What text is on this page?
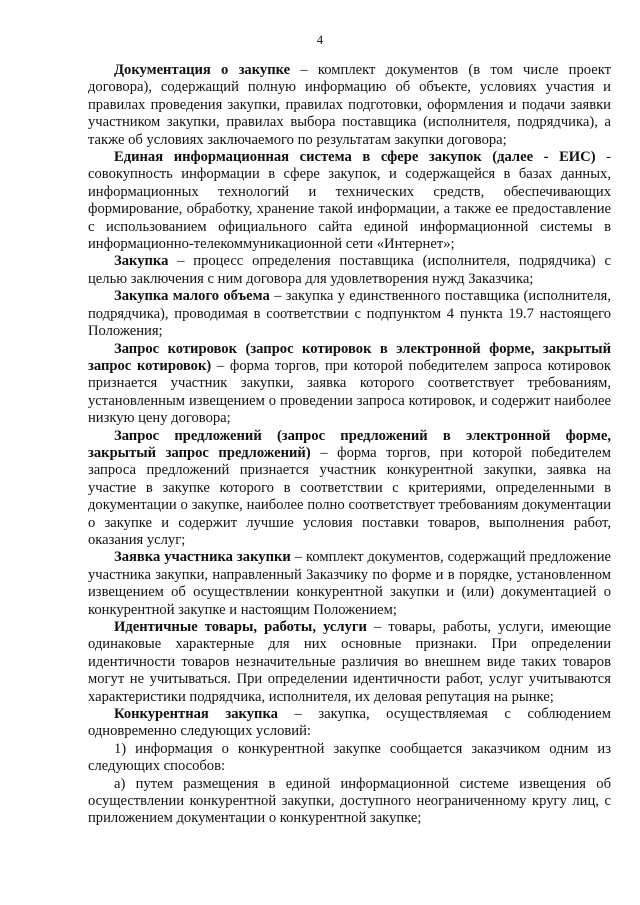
4

Документация о закупке – комплект документов (в том числе проект договора), содержащий полную информацию об объекте, условиях участия и правилах проведения закупки, правилах подготовки, оформления и подачи заявки участником закупки, правилах выбора поставщика (исполнителя, подрядчика), а также об условиях заключаемого по результатам закупки договора;

Единая информационная система в сфере закупок (далее - ЕИС) - совокупность информации в сфере закупок, и содержащейся в базах данных, информационных технологий и технических средств, обеспечивающих формирование, обработку, хранение такой информации, а также ее предоставление с использованием официального сайта единой информационной системы в информационно-телекоммуникационной сети «Интернет»;

Закупка – процесс определения поставщика (исполнителя, подрядчика) с целью заключения с ним договора для удовлетворения нужд Заказчика;

Закупка малого объема – закупка у единственного поставщика (исполнителя, подрядчика), проводимая в соответствии с подпунктом 4 пункта 19.7 настоящего Положения;

Запрос котировок (запрос котировок в электронной форме, закрытый запрос котировок) – форма торгов, при которой победителем запроса котировок признается участник закупки, заявка которого соответствует требованиям, установленным извещением о проведении запроса котировок, и содержит наиболее низкую цену договора;

Запрос предложений (запрос предложений в электронной форме, закрытый запрос предложений) – форма торгов, при которой победителем запроса предложений признается участник конкурентной закупки, заявка на участие в закупке которого в соответствии с критериями, определенными в документации о закупке, наиболее полно соответствует требованиям документации о закупке и содержит лучшие условия поставки товаров, выполнения работ, оказания услуг;

Заявка участника закупки – комплект документов, содержащий предложение участника закупки, направленный Заказчику по форме и в порядке, установленном извещением об осуществлении конкурентной закупки и (или) документацией о конкурентной закупке и настоящим Положением;

Идентичные товары, работы, услуги – товары, работы, услуги, имеющие одинаковые характерные для них основные признаки. При определении идентичности товаров незначительные различия во внешнем виде таких товаров могут не учитываться. При определении идентичности работ, услуг учитываются характеристики подрядчика, исполнителя, их деловая репутация на рынке;

Конкурентная закупка – закупка, осуществляемая с соблюдением одновременно следующих условий:

1) информация о конкурентной закупке сообщается заказчиком одним из следующих способов:

а) путем размещения в единой информационной системе извещения об осуществлении конкурентной закупки, доступного неограниченному кругу лиц, с приложением документации о конкурентной закупке;
